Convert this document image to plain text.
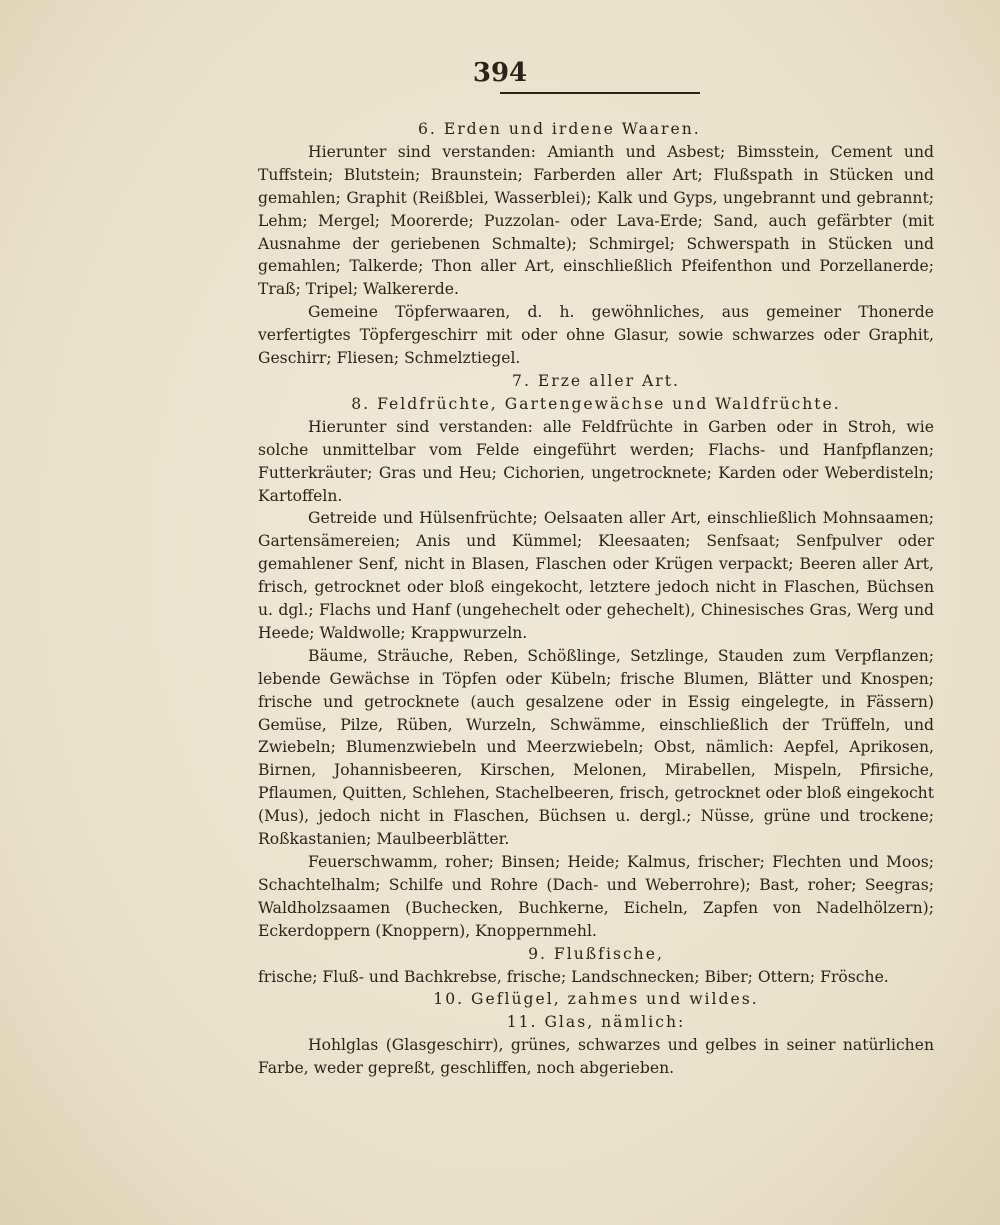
394

6. Erden und irdene Waaren.

Hierunter sind verstanden: Amianth und Asbest; Bimsstein, Cement und Tuffstein; Blutstein; Braunstein; Farberden aller Art; Flußspath in Stücken und gemahlen; Graphit (Reißblei, Wasserblei); Kalk und Gyps, ungebrannt und gebrannt; Lehm; Mergel; Moorerde; Puzzolan- oder Lava-Erde; Sand, auch gefärbter (mit Ausnahme der geriebenen Schmalte); Schmirgel; Schwerspath in Stücken und gemahlen; Talkerde; Thon aller Art, einschließlich Pfeifenthon und Porzellanerde; Traß; Tripel; Walkererde.

Gemeine Töpferwaaren, d. h. gewöhnliches, aus gemeiner Thonerde verfertigtes Töpfergeschirr mit oder ohne Glasur, sowie schwarzes oder Graphit, Geschirr; Fliesen; Schmelztiegel.

7. Erze aller Art.

8. Feldfrüchte, Gartengewächse und Waldfrüchte.

Hierunter sind verstanden: alle Feldfrüchte in Garben oder in Stroh, wie solche unmittelbar vom Felde eingeführt werden; Flachs- und Hanfpflanzen; Futterkräuter; Gras und Heu; Cichorien, ungetrocknete; Karden oder Weberdisteln; Kartoffeln.

Getreide und Hülsenfrüchte; Oelsaaten aller Art, einschließlich Mohnsaamen; Gartensämereien; Anis und Kümmel; Kleesaaten; Senfsaat; Senfpulver oder gemahlener Senf, nicht in Blasen, Flaschen oder Krügen verpackt; Beeren aller Art, frisch, getrocknet oder bloß eingekocht, letztere jedoch nicht in Flaschen, Büchsen u. dgl.; Flachs und Hanf (ungehechelt oder gehechelt), Chinesisches Gras, Werg und Heede; Waldwolle; Krappwurzeln.

Bäume, Sträuche, Reben, Schößlinge, Setzlinge, Stauden zum Verpflanzen; lebende Gewächse in Töpfen oder Kübeln; frische Blumen, Blätter und Knospen; frische und getrocknete (auch gesalzene oder in Essig eingelegte, in Fässern) Gemüse, Pilze, Rüben, Wurzeln, Schwämme, einschließlich der Trüffeln, und Zwiebeln; Blumenzwiebeln und Meerzwiebeln; Obst, nämlich: Aepfel, Aprikosen, Birnen, Johannisbeeren, Kirschen, Melonen, Mirabellen, Mispeln, Pfirsiche, Pflaumen, Quitten, Schlehen, Stachelbeeren, frisch, getrocknet oder bloß eingekocht (Mus), jedoch nicht in Flaschen, Büchsen u. dergl.; Nüsse, grüne und trockene; Roßkastanien; Maulbeerblätter.

Feuerschwamm, roher; Binsen; Heide; Kalmus, frischer; Flechten und Moos; Schachtelhalm; Schilfe und Rohre (Dach- und Weberrohre); Bast, roher; Seegras; Waldholzsaamen (Buchecken, Buchkerne, Eicheln, Zapfen von Nadelhölzern); Eckerdoppern (Knoppern), Knoppernmehl.

9. Flußfische,

frische; Fluß- und Bachkrebse, frische; Landschnecken; Biber; Ottern; Frösche.

10. Geflügel, zahmes und wildes.

11. Glas, nämlich:

Hohlglas (Glasgeschirr), grünes, schwarzes und gelbes in seiner natürlichen Farbe, weder gepreßt, geschliffen, noch abgerieben.
